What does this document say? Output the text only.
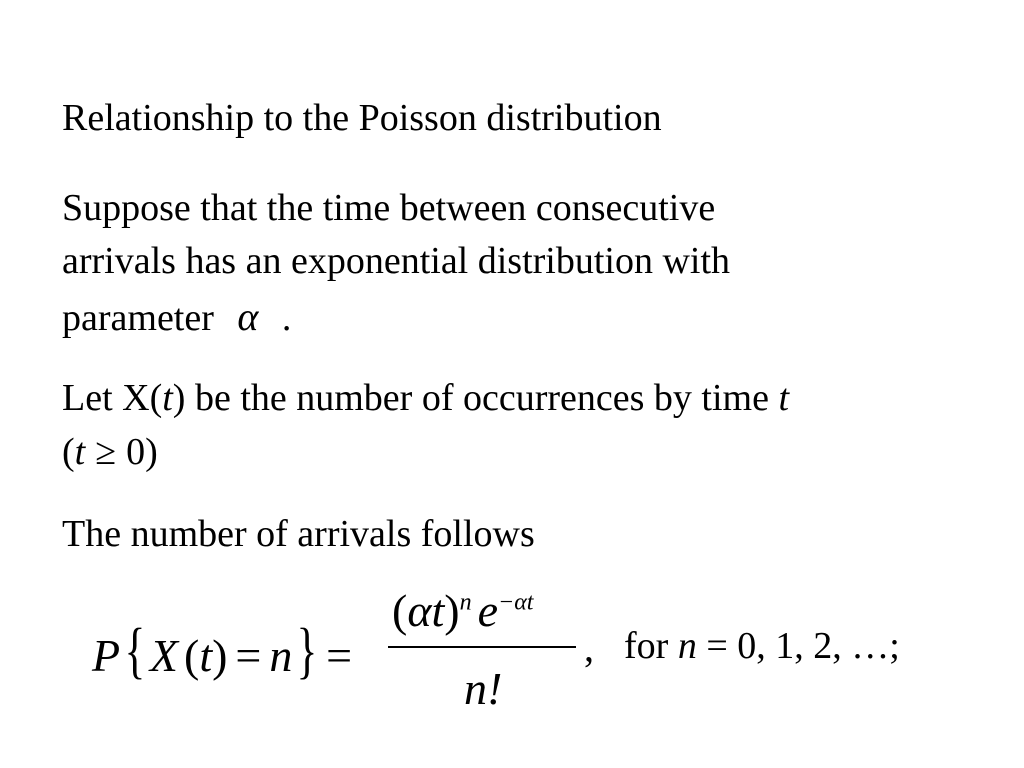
Relationship to the Poisson distribution
Suppose that the time between consecutive
arrivals has an exponential distribution with
parameter α .
Let X(t) be the number of occurrences by time t
(t ≥ 0)
The number of arrivals follows
P{X (t) = n} =
$(\alpha t)^n$ $e^{-\alpha t}$
n!
, for n = 0, 1, 2, …;
